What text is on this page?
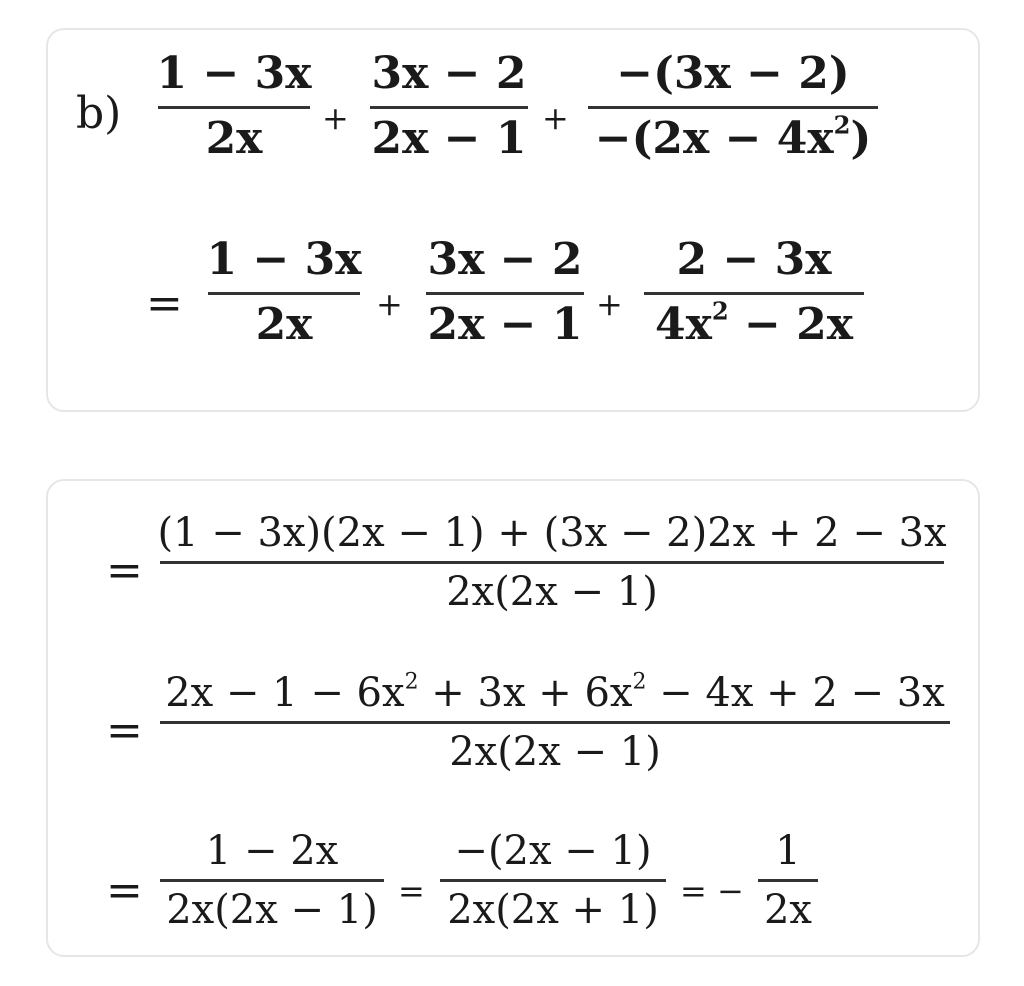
b)
1 − 3x
2x +
3x − 2
2x − 1 +
−(3x − 2)
$-(2x - 4x^2)$
=
1 − 3x
2x +
3x − 2
2x − 1 +
2 − 3x
$4x^2 - 2x$
=
(1 − 3x)(2x − 1) + (3x − 2)2x + 2 − 3x
2x(2x − 1)
=
$2x - 1 - 6x^2 + 3x + 6x^2 - 4x + 2 - 3x$
2x(2x − 1)
=
1 − 2x
2x(2x − 1) =
−(2x − 1)
2x(2x + 1) = −
1
2x
